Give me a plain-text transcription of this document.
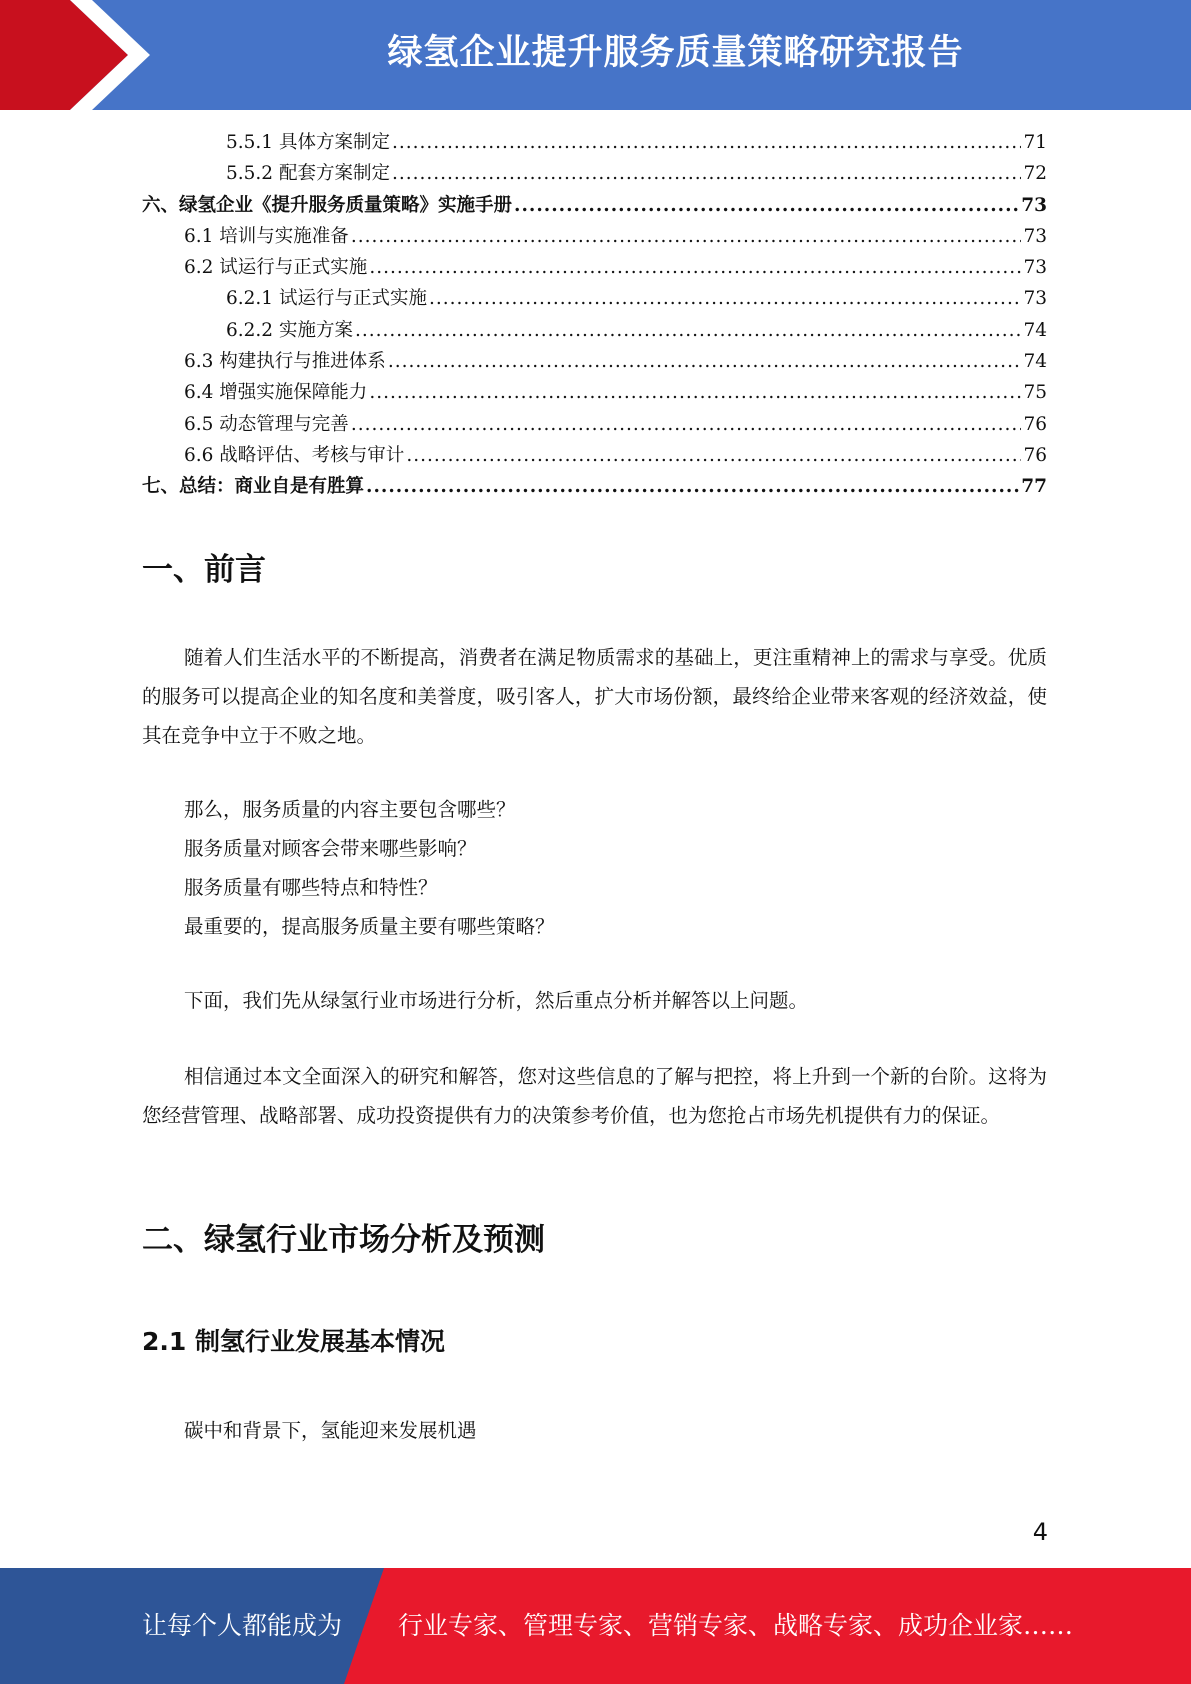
绿氢企业提升服务质量策略研究报告
5.5.1 具体方案制定 .....	71
5.5.2 配套方案制定 .....	72
六、绿氢企业《提升服务质量策略》实施手册 .....	73
6.1 培训与实施准备 .....	73
6.2 试运行与正式实施 .....	73
6.2.1 试运行与正式实施 .....	73
6.2.2 实施方案 .....	74
6.3 构建执行与推进体系 .....	74
6.4 增强实施保障能力 .....	75
6.5 动态管理与完善 .....	76
6.6 战略评估、考核与审计 .....	76
七、总结：商业自是有胜算 .....	77
一、前言

随着人们生活水平的不断提高，消费者在满足物质需求的基础上，更注重精神上的需求与享受。优质的服务可以提高企业的知名度和美誉度，吸引客人，扩大市场份额，最终给企业带来客观的经济效益，使其在竞争中立于不败之地。

那么，服务质量的内容主要包含哪些？

服务质量对顾客会带来哪些影响？

服务质量有哪些特点和特性？

最重要的，提高服务质量主要有哪些策略？

下面，我们先从绿氢行业市场进行分析，然后重点分析并解答以上问题。

相信通过本文全面深入的研究和解答，您对这些信息的了解与把控，将上升到一个新的台阶。这将为您经营管理、战略部署、成功投资提供有力的决策参考价值，也为您抢占市场先机提供有力的保证。

二、绿氢行业市场分析及预测
2.1 制氢行业发展基本情况

碳中和背景下，氢能迎来发展机遇

4
让每个人都能成为 行业专家、管理专家、营销专家、战略专家、成功企业家……
